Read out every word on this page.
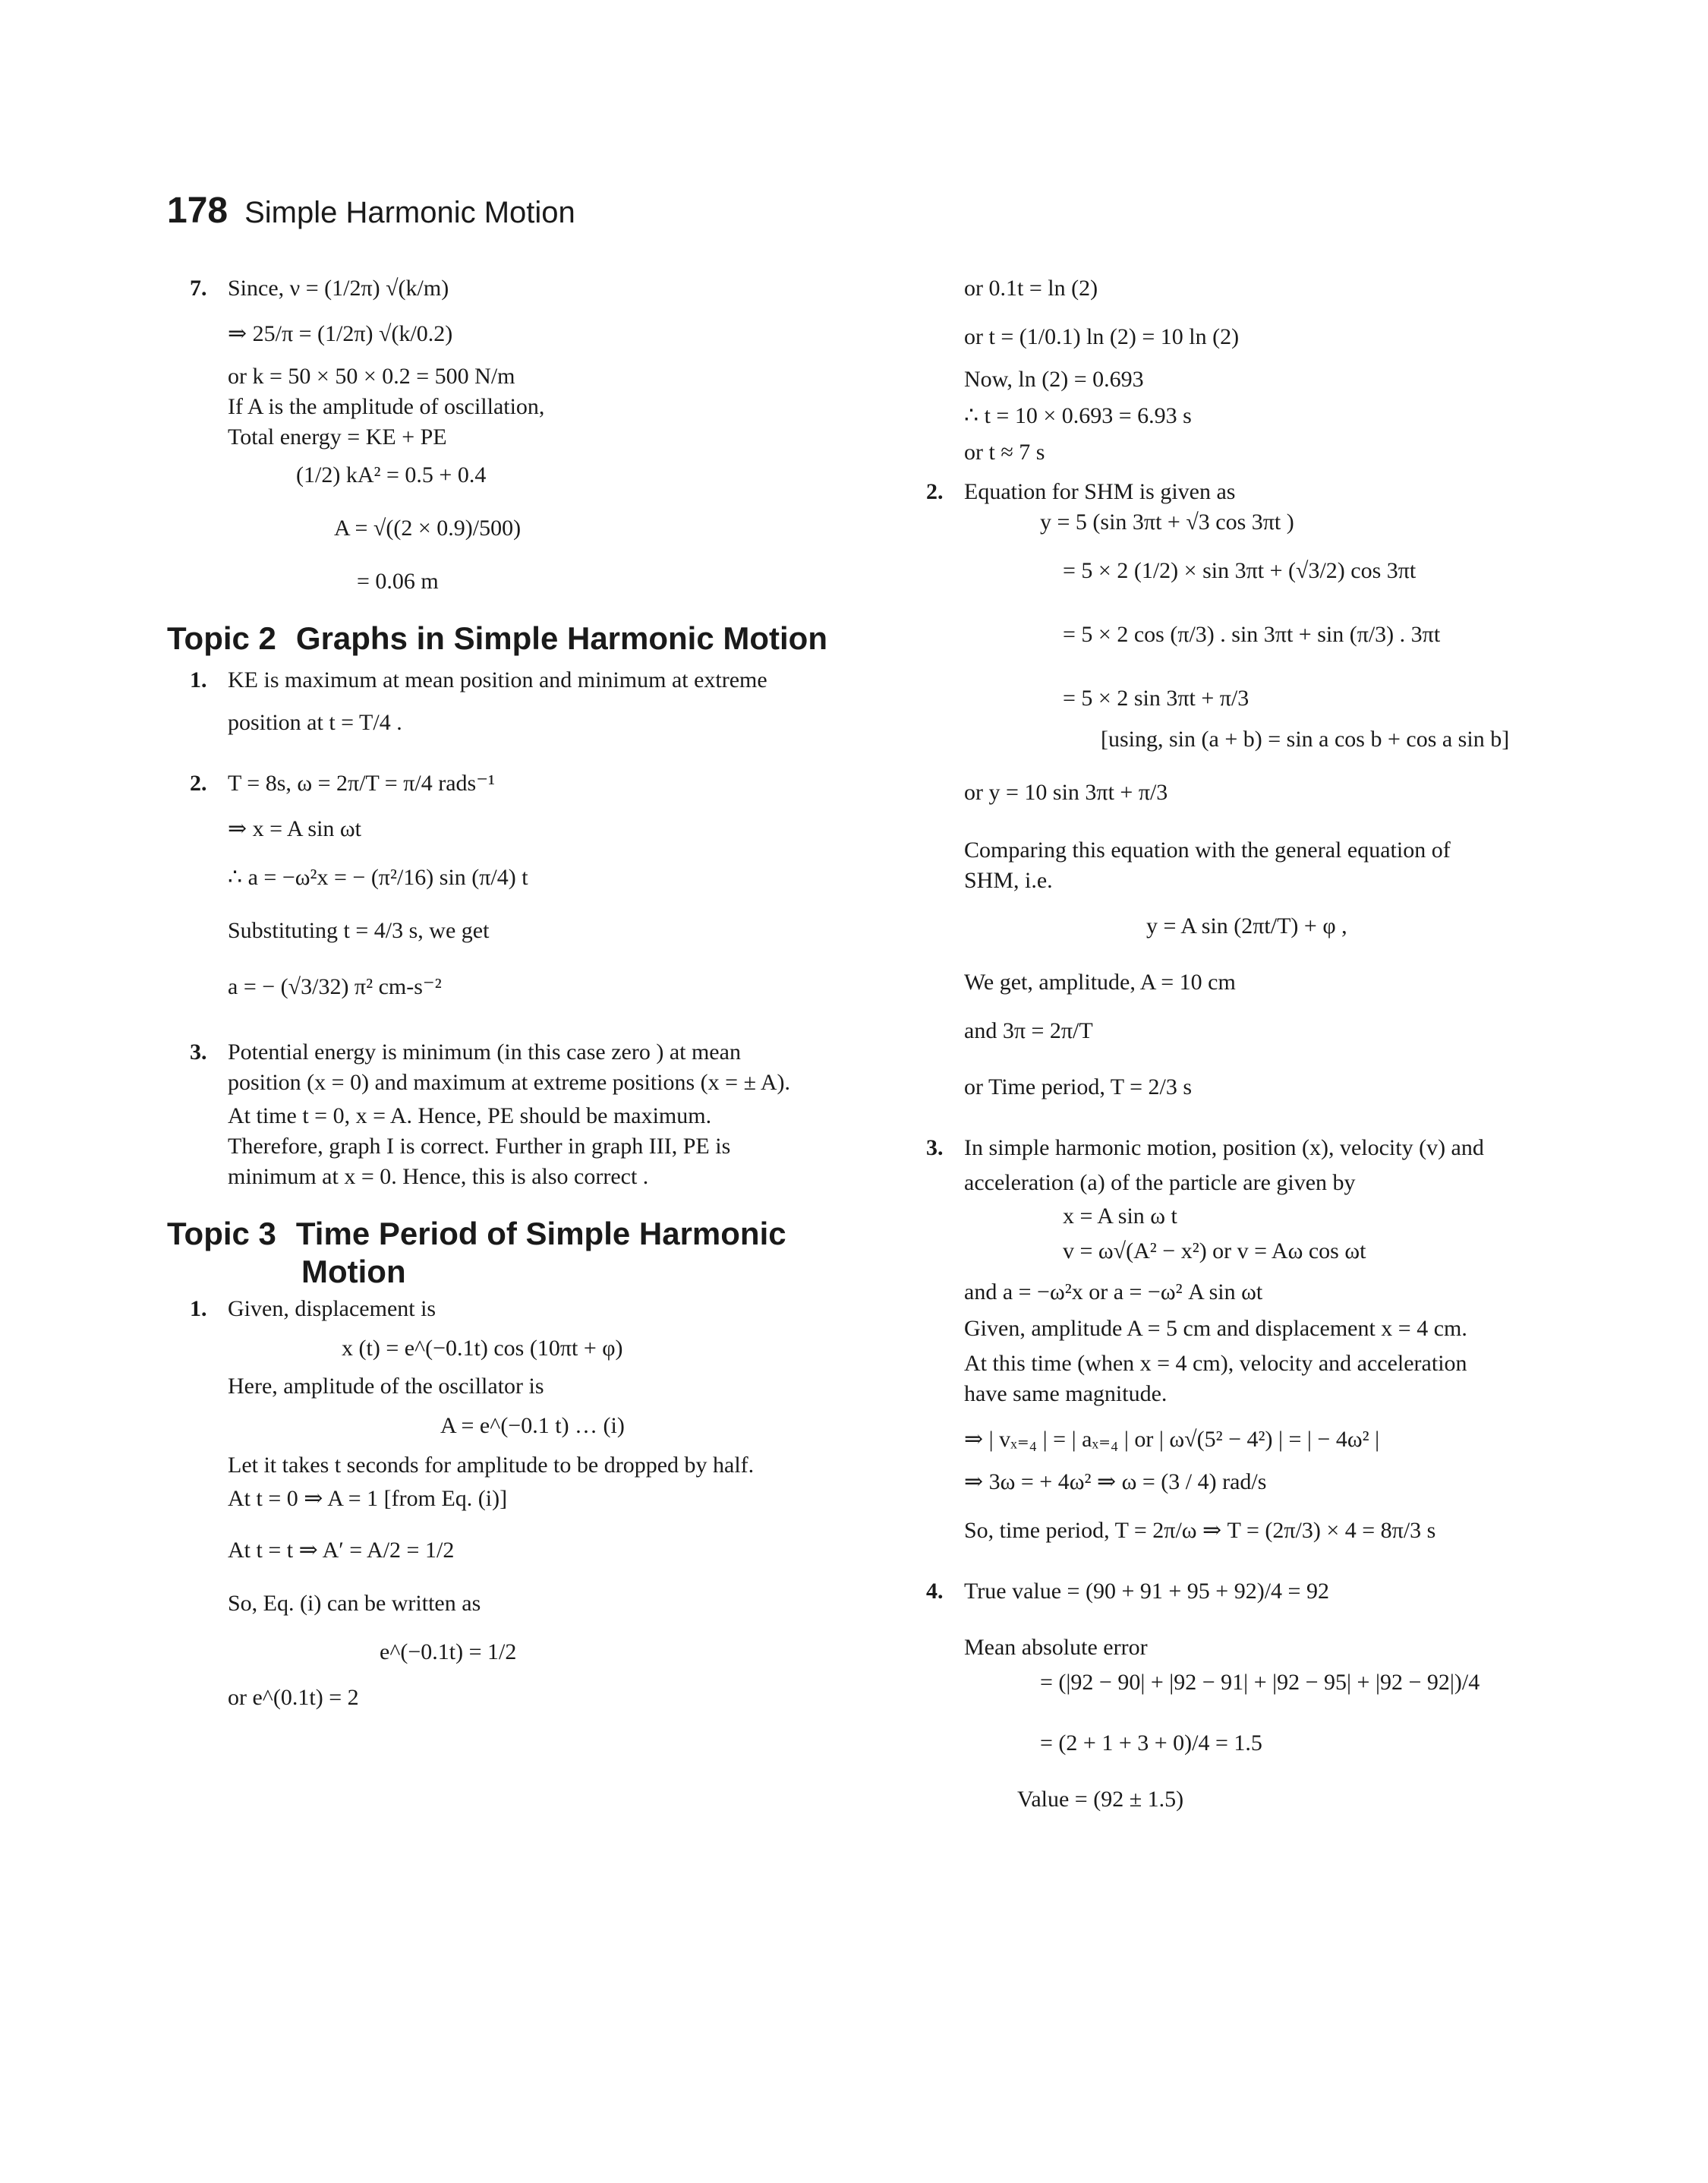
178 Simple Harmonic Motion
7. Since, ν = (1/2π) √(k/m)
⇒ 25/π = (1/2π) √(k/0.2)
or k = 50 × 50 × 0.2 = 500 N/m
If A is the amplitude of oscillation,
Total energy = KE + PE
(1/2) kA² = 0.5 + 0.4
A = √((2 × 0.9)/500)
= 0.06 m
Topic 2 Graphs in Simple Harmonic Motion
1. KE is maximum at mean position and minimum at extreme
position at t = T/4 .
2. T = 8s, ω = 2π/T = π/4 rads⁻¹
⇒ x = A sin ωt
∴ a = −ω²x = − (π²/16) sin (π/4) t
Substituting t = 4/3 s, we get
a = − (√3/32) π² cm-s⁻²
3. Potential energy is minimum (in this case zero ) at mean
position (x = 0) and maximum at extreme positions (x = ± A).
At time t = 0, x = A. Hence, PE should be maximum.
Therefore, graph I is correct. Further in graph III, PE is
minimum at x = 0. Hence, this is also correct .
Topic 3 Time Period of Simple Harmonic
Motion
1. Given, displacement is
x (t) = e^(−0.1t) cos (10πt + φ)
Here, amplitude of the oscillator is
A = e^(−0.1 t) … (i)
Let it takes t seconds for amplitude to be dropped by half.
At t = 0 ⇒ A = 1 [from Eq. (i)]
At t = t ⇒ A′ = A/2 = 1/2
So, Eq. (i) can be written as
e^(−0.1t) = 1/2
or e^(0.1t) = 2
or 0.1t = ln (2)
or t = (1/0.1) ln (2) = 10 ln (2)
Now, ln (2) = 0.693
∴ t = 10 × 0.693 = 6.93 s
or t ≈ 7 s
2. Equation for SHM is given as
y = 5 (sin 3πt + √3 cos 3πt )
= 5 × 2 (1/2) × sin 3πt + (√3/2) cos 3πt
= 5 × 2 cos (π/3) . sin 3πt + sin (π/3) . 3πt
= 5 × 2 sin 3πt + π/3
[using, sin (a + b) = sin a cos b + cos a sin b]
or y = 10 sin 3πt + π/3
Comparing this equation with the general equation of
SHM, i.e.
y = A sin (2πt/T) + φ ,
We get, amplitude, A = 10 cm
and 3π = 2π/T
or Time period, T = 2/3 s
3. In simple harmonic motion, position (x), velocity (v) and
acceleration (a) of the particle are given by
x = A sin ω t
v = ω√(A² − x²) or v = Aω cos ωt
and a = −ω²x or a = −ω² A sin ωt
Given, amplitude A = 5 cm and displacement x = 4 cm.
At this time (when x = 4 cm), velocity and acceleration
have same magnitude.
⇒ | vₓ₌₄ | = | aₓ₌₄ | or | ω√(5² − 4²) | = | − 4ω² |
⇒ 3ω = + 4ω² ⇒ ω = (3 / 4) rad/s
So, time period, T = 2π/ω ⇒ T = (2π/3) × 4 = 8π/3 s
4. True value = (90 + 91 + 95 + 92)/4 = 92
Mean absolute error
= (|92 − 90| + |92 − 91| + |92 − 95| + |92 − 92|)/4
= (2 + 1 + 3 + 0)/4 = 1.5
Value = (92 ± 1.5)
